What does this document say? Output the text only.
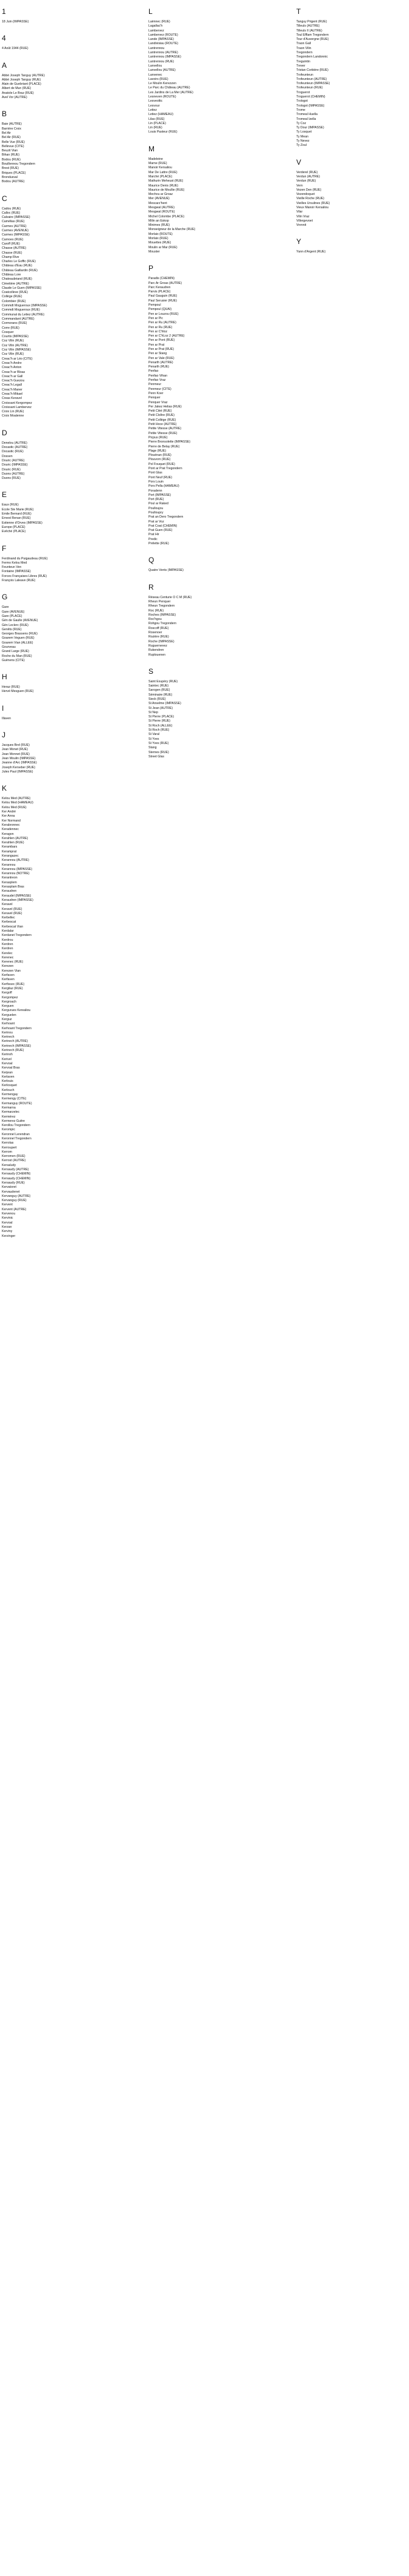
1
18 Juin (IMPASSE)
4
4 Août 1944 (RUE)
A
Abbé Joseph Tanguy (AUTRE)
Abbé Joseph Tanguy (RUE)
Alain de Guebriant (PLACE)
Albert de Mun (RUE)
Anatole Le Braz (RUE)
Avel Vor (AUTRE)
B
Baie (AUTRE)
Barrière Croix
Bel Air
Bel Air (RUE)
Belle Vue (RUE)
Bellevue (CITE)
Beuzit Vian
Bihan (RUE)
Bodou (RUE)
Bouillennou Tregondern
Brest (RUE)
Briques (PLACE)
Brondusval
Bodou (AUTRE)
C
Cadou (RUE)
Calloc (RUE)
Calvaire (IMPASSE)
Camélias (RUE)
Carmes (AUTRE)
Carmes (AVENUE)
Carmes (IMPASSE)
Carnoes (RUE)
Caroff (RUE)
Chasse (AUTRE)
Chasse (RUE)
Champ Rive
Charles Le Goffic (RUE)
Château d'Eau (RUE)
Château Gaillardin (RUE)
Château Lore
Chateaubriand (RUE)
Cimetière (AUTRE)
Claude Le Guen (IMPASSE)
Coatcolleve (RUE)
Collège (RUE)
Colombier (RUE)
Commdt Mogueroux (IMPASSE)
Commdt Mogueroux (RUE)
Communal du Letiez (AUTRE)
Commandant (AUTRE)
Cormorans (RUE)
Corre (RUE)
Cosquer
Courtis (IMPASSE)
Coz Vilin (RUE)
Coz Vilin (AUTRE)
Coz Vilin (IMPASSE)
Coz Vilin (RUE)
Creac'h ar Léo (CITE)
Creac'h Andre
Creac'h Anton
Creac'h ar Bloas
Creac'h ar Gall
Creac'h Guezou
Creac'h Legall
Creac'h Maner
Creac'h Mikael
Creas Keravel
Croissant Kergompez
Croissant Lambervez
Croix Lin (RUE)
Croix Moalenne
D
Denelou (AUTRE)
Docastic (AUTRE)
Docastic (RUE)
Dossen
Douric (AUTRE)
Douric (IMPASSE)
Douric (RUE)
Duons (AUTRE)
Duons (RUE)
E
Eaux (RUE)
Ecole Ste Marie (RUE)
Emile Bernard (RUE)
Ernest Renan (RUE)
Estienne d'Orves (IMPASSE)
Europe (PLACE)
Evêché (PLACE)
F
Ferdinand du Puigaudeau (RUE)
Fermo Kelou Med
Feunteun Ven
Fontaine (IMPASSE)
Forces Françaises Libres (RUE)
François Laleave (RUE)
G
Gare
Gare (AVENUE)
Gare (PLACE)
Gén de Gaulle (AVENUE)
Gén Leclerc (RUE)
Genêts (RUE)
Georges Brassens (RUE)
Goarem Veguen (RUE)
Goarem Vian (ALLEE)
Gourveau
Grand Large (RUE)
Roche du Man (RUE)
Guénens (CITE)
H
Heraz (RUE)
Hervé Mesguen (RUE)
I
Illaven
J
Jacques Brel (RUE)
Jean Monet (RUE)
Jean Monnet (RUE)
Jean Moulin (IMPASSE)
Jeanne d'Arc (IMPASSE)
Joseph Kerseber (RUE)
Jules Paul (IMPASSE)
K
Kelou Med (AUTRE)
Kelou Med (HAMEAU)
Kelou Med (RUE)
Ker André
Ker Anna
Ker Normand
Kerabronnec
Keradennec
Keragon
Kerahlen (AUTRE)
Kerahlen (RUE)
Kerambars
Keramprat
Kerangazec
Kerannou (AUTRE)
Kerannou
Kerannou (IMPASSE)
Kerannou (NOTRE)
Kerantreon
Kerasplem
Kerasplam Bras
Keraudren
Keraudel (IMPASSE)
Keraudren (IMPASSE)
Keravel
Keravel (RUE)
Keravel (RUE)
Kerbellec
Kerbescat
Kerbescat Vian
Kerdalar
Kerdanet Tregondern
Kerdrou
Kerdren
Kerdren
Kerelec
Kerenec
Kerenec (RUE)
Kerezen
Kerezen Vian
Kerfaven
Kerfaven
Kerfissec (RUE)
Kergilaz (RUE)
Kergoff
Kergompez
Kergroach
Kerguen
Kergurues Kerealiou
Kerguelen
Kerguz
Kerhoant
Kerhoant Tregondern
Kerinou
Kerinech
Kerinech (AUTRE)
Kerinech (IMPASSE)
Kerinech (RUE)
Kerinoh
Kerivel
Kervoal
Kervoal Bras
Kerjean
Kerlaven
Kerlouis
Kerlosquet
Kerlouch
Kermengay
Kermengy (CITE)
Kermanguy (ROUTE)
Kermarna
Kermarzelec
Kermérez
Kermerez Guitre
Kerollou Tregondern
Kerompic
Keronnel Lerendran
Keronnel Tregondern
Kerrolas
Kerroupert
Kerrom
Kerromen (RUE)
Kerrost (AUTRE)
Kersaludy
Kersaudy (AUTRE)
Kersaudy (CHEMIN)
Kersaudy (CHEMIN)
Kersaudy (RUE)
Kervatoret
Kervaudenet
Kervanguy (AUTRE)
Kervanguy (RUE)
Kervent
Kervent (AUTRE)
Kervenou
Kervinic
Kervoal
Kerzan
Kerviny
Kerzinger
L
Laënnec (RUE)
Lagallac'h
Lambervez
Lambervez (ROUTE)
Lande (IMPASSE)
Landivisiau (ROUTE)
Lantrennou
Lantrennou (AUTRE)
Lantrennou (IMPASSE)
Lantrennou (RUE)
Lanvellou
Lanvellou (AUTRE)
Lanvenec
Lavoirs (RUE)
Le Moulin Kerezzen
Le Parc du Château (AUTRE)
Les Jardins de La Mer (AUTRE)
Lesneven (ROUTE)
Lesveoltic
Lesvour
Letiez
Letiez (HAMEAU)
Lilas (RUE)
Lin (PLACE)
Lin (RUE)
Louis Pasteur (RUE)
M
Madeleine
Marne (RUE)
Manoir Kersaliou
Mar De Lattre (RUE)
Marché (PLACE)
Mathurin Meheust (RUE)
Maurice Denis (RUE)
Maurice de Moullie (RUE)
Mechou ar Groaz
Mer (AVENUE)
Mescarz'hent
Mesgwal (AUTRE)
Mesgwal (ROUTE)
Michel Colombe (PLACE)
Milin an Eskop
Minimes (RUE)
Monseigneur de la Marche (RUE)
Morlaix (ROUTE)
Morlaix (RUE)
Mouettes (RUE)
Moulin ar Mar (RUE)
Mouster
P
Paradis (CHEMIN)
Parc Ar Groas (AUTRE)
Parc Keraudren
Parvis (PLACE)
Paul Gauguin (RUE)
Paul Serusier (RUE)
Pempoul
Pempoul (QUAI)
Pen ar Louzou (RUE)
Pen ar Pic
Pen ar Ru (AUTRE)
Pen ar Ru (RUE)
Pen ar C'hloz
Pen ar C'hLoz 2 (AUTRE)
Pen ar Pont (RUE)
Pen ar Prat
Pen ar Prat (RUE)
Pen ar Stang
Pen ar Vale (RUE)
Penarth (AUTRE)
Penarth (RUE)
Penfao
Penfao Vihan
Penfao Vraz
Penmeur
Penmeur (CITE)
Penn Koer
Penquer
Penquer Vraz
Per Jakez Helias (RUE)
Petit Cléé (RUE)
Petit Cloître (RUE)
Petit Collège (RUE)
Petit Hoce (AUTRE)
Petite Vitesse (AUTRE)
Petite Vitesse (RUE)
Picpus (RUE)
Pierre Bronsolette (IMPASSE)
Pierre de Belay (RUE)
Plage (RUE)
Plouénan (RUE)
Plouvorn (RUE)
Pol Fouquet (RUE)
Pont ar Prat Tregondern
Pont Glas
Pont Neuf (RUE)
Pors Louin
Pors Pella (HAMEAU)
Poradenn
Port (IMPASSE)
Port (RUE)
Poul ar Raked
Poulloujou
Poulloupry
Prat an Dero Tregondern
Prat ar Voz
Prat Coat (CHEMIN)
Prat Guen (RUE)
Prat Hir
Predic
Prélette (RUE)
Q
Quatre Vents (IMPASSE)
R
Réseau Centurie O C M (RUE)
Rheun Penquer
Rheun Tregondern
Roc (RUE)
Roches (IMPASSE)
Roc'hgou
Rohgou Tregondern
Roscoff (RUE)
Rosenoer
Rozière (RUE)
Roche (IMPASSE)
Ruguernevez
Rukendren
Ruplouenen
S
Saint Exupéry (RUE)
Saintec (RUE)
Sarogen (RUE)
Séminaire (RUE)
Sieck (RUE)
St Anselme (IMPASSE)
St Jean (AUTRE)
St Nep
St Pierre (PLACE)
St Pierre (RUE)
St Roch (ALLEE)
St Roch (RUE)
St Varal
St Yves
St Yves (RUE)
Stang
Sternes (RUE)
Street Glas
T
Tanguy Prigent (RUE)
Tilleuls (AUTRE)
Tilleuls II (AUTRE)
Toul Efflam Tregondern
Tour d'Auvergne (RUE)
Traon Gall
Traon Vilin
Tregondern
Tregondern Landonnic
Treguintin
Trever
Tristan Corbière (RUE)
Trofeunteun
Trofeunteun (AUTRE)
Trofeunteun (IMPASSE)
Trofeunteun (RUE)
Troguerot
Troguerot (CHEMIN)
Trologot
Trologot (IMPASSE)
Trome
Tromeal Huella
Tromeal Izella
Ty Coz
Ty Dour (IMPASSE)
Ty Losquet
Ty Mean
Ty Nevez
Ty Zoul
V
Verderel (RUE)
Verdun (AUTRE)
Verdun (RUE)
Vern
Vezen Den (RUE)
Vezendoquet
Vieille Roche (RUE)
Vieilles Ursulines (RUE)
Vieux Manoir Kersaliou
Vilar
Vilin Vraz
Villergevoet
Vrennit
Y
Yann d'Argent (RUE)
